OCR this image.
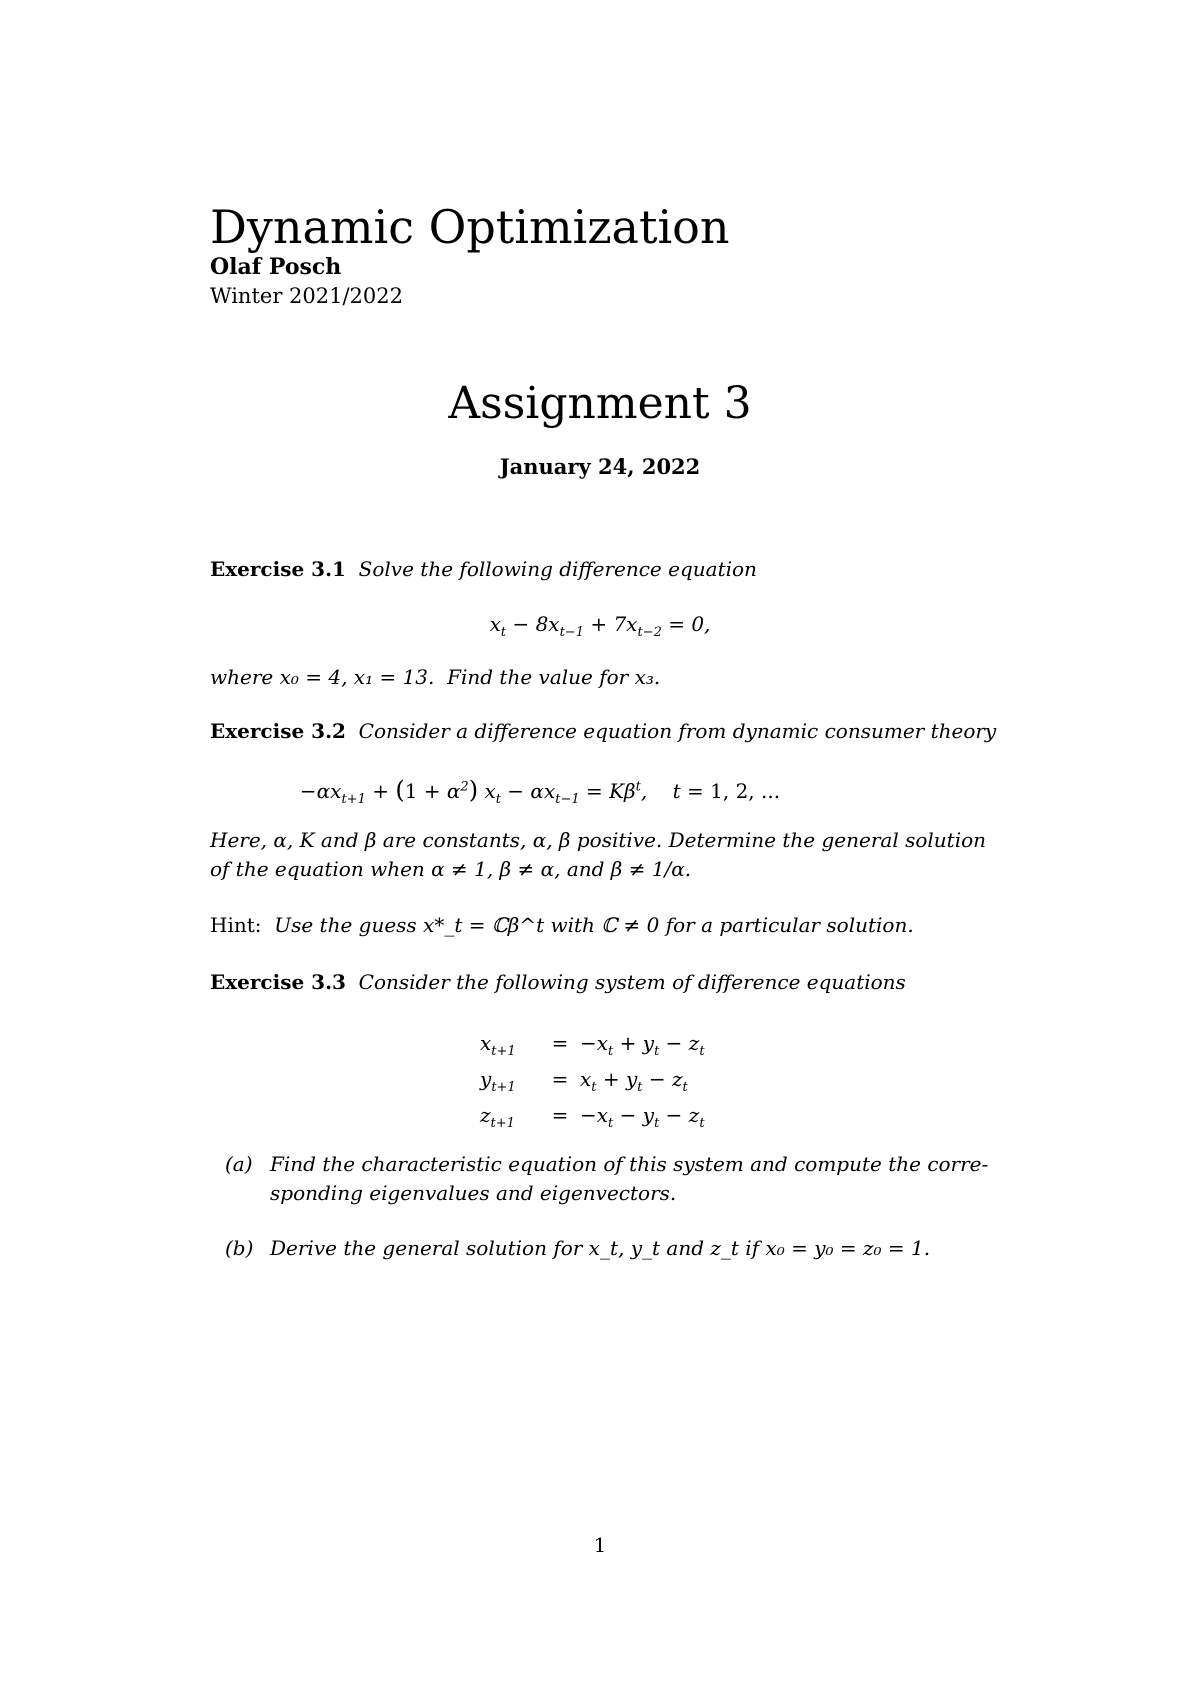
Dynamic Optimization
Olaf Posch
Winter 2021/2022
Assignment 3
January 24, 2022
Exercise 3.1 Solve the following difference equation
$x_t - 8x_{t-1} + 7x_{t-2} = 0$,
where x₀ = 4, x₁ = 13. Find the value for x₃.
Exercise 3.2 Consider a difference equation from dynamic consumer theory
$-\alpha x_{t+1} + (1 + \alpha^2) x_t - \alpha x_{t-1} = K\beta^t$,    t = 1, 2, ...
Here, α, K and β are constants, α, β positive. Determine the general solution
of the equation when α ≠ 1, β ≠ α, and β ≠ 1/α.
Hint: Use the guess x*_t = ℂβ^t with ℂ ≠ 0 for a particular solution.
Exercise 3.3 Consider the following system of difference equations
$x_{t+1} = -x_t + y_t - z_t$
$y_{t+1} = x_t + y_t - z_t$
$z_{t+1} = -x_t - y_t - z_t$
(a) Find the characteristic equation of this system and compute the corre-
sponding eigenvalues and eigenvectors.
(b) Derive the general solution for x_t, y_t and z_t if x₀ = y₀ = z₀ = 1.
1
